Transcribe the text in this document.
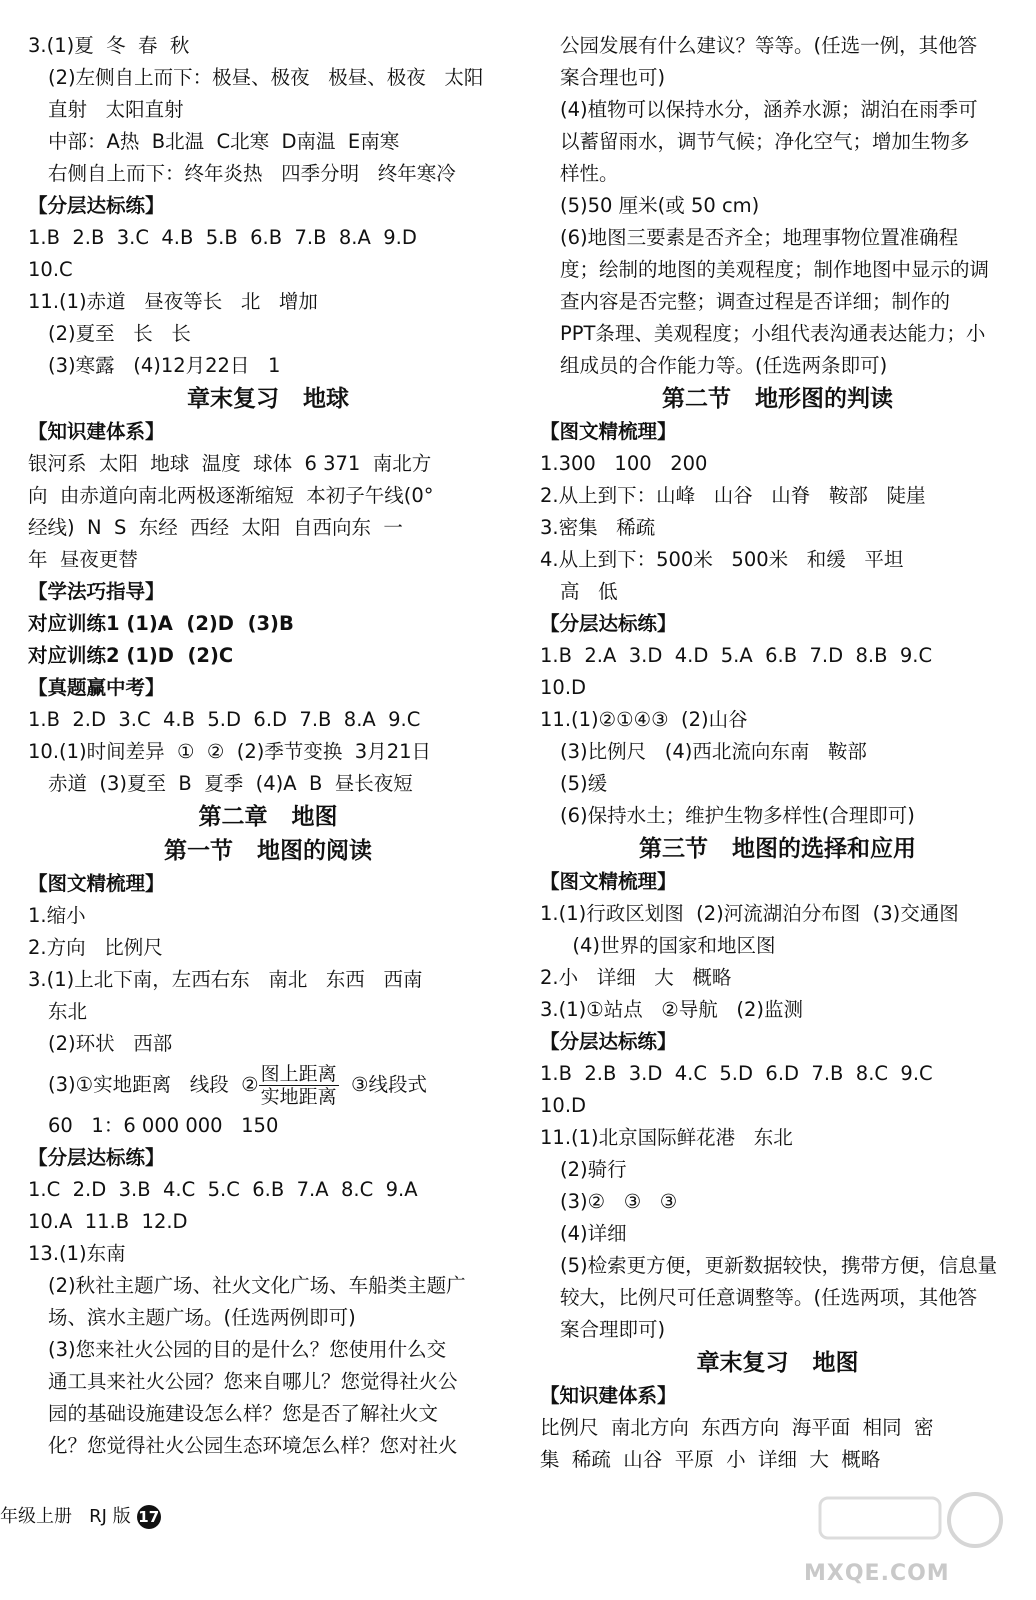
3.(1)夏  冬  春  秋
(2)左侧自上而下：极昼、极夜   极昼、极夜   太阳
直射   太阳直射
中部：A热  B北温  C北寒  D南温  E南寒
右侧自上而下：终年炎热   四季分明   终年寒冷
【分层达标练】
1.B  2.B  3.C  4.B  5.B  6.B  7.B  8.A  9.D
10.C
11.(1)赤道   昼夜等长   北   增加
(2)夏至   长   长
(3)寒露   (4)12月22日   1
章末复习   地球
【知识建体系】
银河系  太阳  地球  温度  球体  6 371  南北方
向  由赤道向南北两极逐渐缩短  本初子午线(0°
经线)  N  S  东经  西经  太阳  自西向东  一
年  昼夜更替
【学法巧指导】
对应训练1 (1)A  (2)D  (3)B
对应训练2 (1)D  (2)C
【真题赢中考】
1.B  2.D  3.C  4.B  5.D  6.D  7.B  8.A  9.C
10.(1)时间差异  ①  ②  (2)季节变换  3月21日
赤道  (3)夏至  B  夏季  (4)A  B  昼长夜短
第二章   地图
第一节   地图的阅读
【图文精梳理】
1.缩小
2.方向   比例尺
3.(1)上北下南，左西右东   南北   东西   西南
东北
(2)环状   西部
(3)①实地距离   线段  ② $\frac{\text{图上距离}}{\text{实地距离}}$ ③线段式
60   1：6 000 000   150
【分层达标练】
1.C  2.D  3.B  4.C  5.C  6.B  7.A  8.C  9.A
10.A  11.B  12.D
13.(1)东南
(2)秋社主题广场、社火文化广场、车船类主题广
场、滨水主题广场。(任选两例即可)
(3)您来社火公园的目的是什么？您使用什么交
通工具来社火公园？您来自哪儿？您觉得社火公
园的基础设施建设怎么样？您是否了解社火文
化？您觉得社火公园生态环境怎么样？您对社火
公园发展有什么建议？等等。(任选一例，其他答
案合理也可)
(4)植物可以保持水分，涵养水源；湖泊在雨季可
以蓄留雨水，调节气候；净化空气；增加生物多
样性。
(5)50 厘米(或 50 cm)
(6)地图三要素是否齐全；地理事物位置准确程
度；绘制的地图的美观程度；制作地图中显示的调
查内容是否完整；调查过程是否详细；制作的
PPT条理、美观程度；小组代表沟通表达能力；小
组成员的合作能力等。(任选两条即可)
第二节   地形图的判读
【图文精梳理】
1.300   100   200
2.从上到下：山峰   山谷   山脊   鞍部   陡崖
3.密集   稀疏
4.从上到下：500米   500米   和缓   平坦
高   低
【分层达标练】
1.B  2.A  3.D  4.D  5.A  6.B  7.D  8.B  9.C
10.D
11.(1)②①④③  (2)山谷
(3)比例尺   (4)西北流向东南   鞍部
(5)缓
(6)保持水土；维护生物多样性(合理即可)
第三节   地图的选择和应用
【图文精梳理】
1.(1)行政区划图  (2)河流湖泊分布图  (3)交通图
(4)世界的国家和地区图
2.小   详细   大   概略
3.(1)①站点   ②导航   (2)监测
【分层达标练】
1.B  2.B  3.D  4.C  5.D  6.D  7.B  8.C  9.C
10.D
11.(1)北京国际鲜花港   东北
(2)骑行
(3)②   ③   ③
(4)详细
(5)检索更方便，更新数据较快，携带方便，信息量
较大，比例尺可任意调整等。(任选两项，其他答
案合理即可)
章末复习   地图
【知识建体系】
比例尺  南北方向  东西方向  海平面  相同  密
集  稀疏  山谷  平原  小  详细  大  概略
年级上册   RJ 版 17
MXQE.COM
